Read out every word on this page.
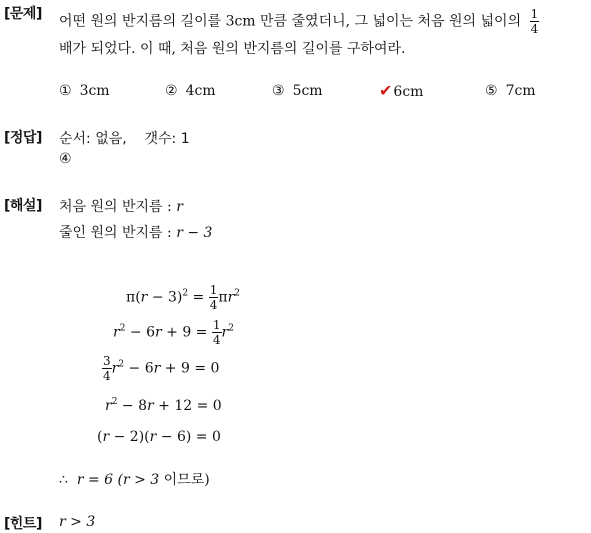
[문제] 어떤 원의 반지름의 길이를 3cm 만큼 줄였더니, 그 넓이는 처음 원의 넓이의 $\frac{1}{4}$
배가 되었다. 이 때, 처음 원의 반지름의 길이를 구하여라.
① 3cm	② 4cm	③ 5cm	✔6cm	⑤ 7cm
[정답] 순서: 없음,    갯수: 1
④
[해설] 처음 원의 반지름 : r
줄인 원의 반지름 : r − 3
$\pi(r - 3)^2 = \frac{1}{4} \pi r^2$
$r^2 - 6r + 9 = \frac{1}{4} r^2$
$\frac{3}{4} r^2 - 6r + 9 = 0$
$r^2 - 8r + 12 = 0$
(r − 2)(r − 6) = 0
∴ r = 6 (r > 3 이므로)
[힌트] r > 3
